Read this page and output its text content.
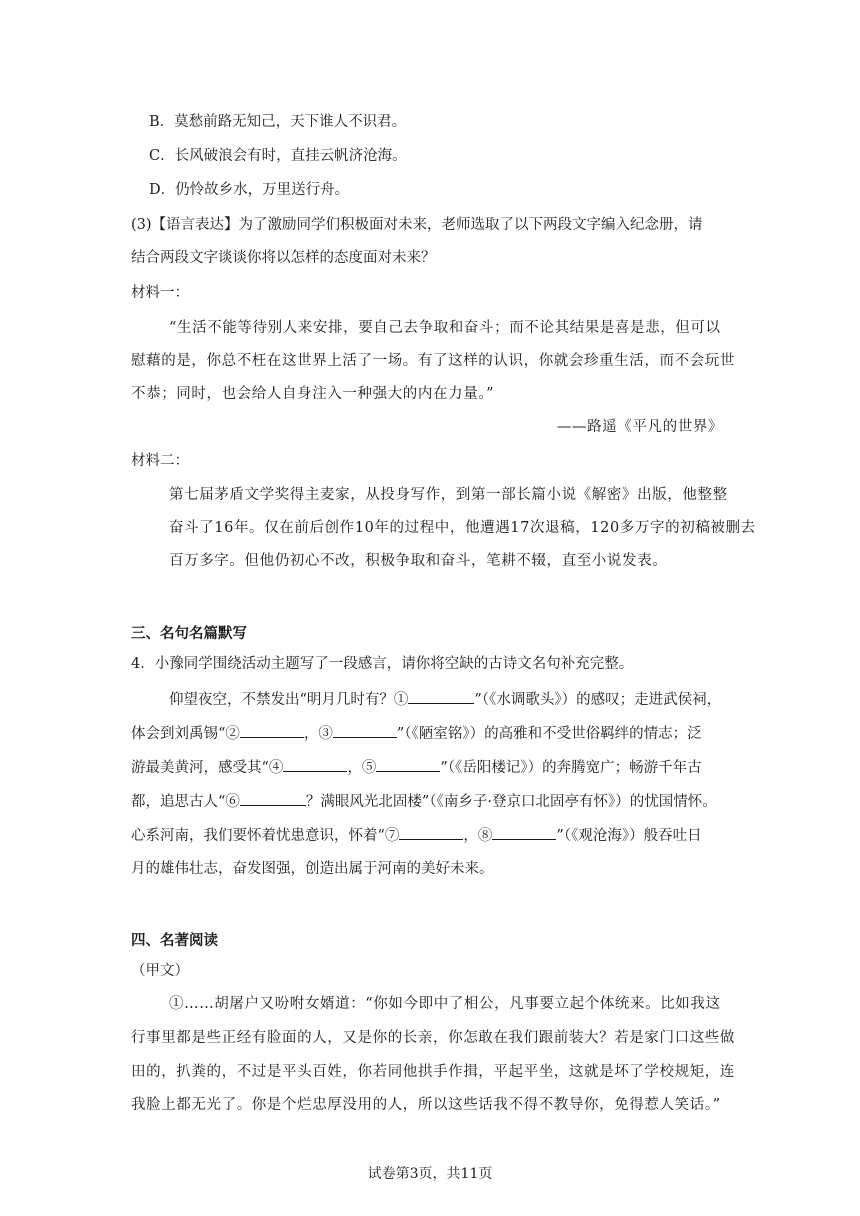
B．莫愁前路无知己，天下谁人不识君。
C．长风破浪会有时，直挂云帆济沧海。
D．仍怜故乡水，万里送行舟。
(3)【语言表达】为了激励同学们积极面对未来，老师选取了以下两段文字编入纪念册，请
结合两段文字谈谈你将以怎样的态度面对未来？
材料一：
“生活不能等待别人来安排，要自己去争取和奋斗；而不论其结果是喜是悲，但可以
慰藉的是，你总不枉在这世界上活了一场。有了这样的认识，你就会珍重生活，而不会玩世
不恭；同时，也会给人自身注入一种强大的内在力量。”
——路遥《平凡的世界》
材料二：
第七届茅盾文学奖得主麦家，从投身写作，到第一部长篇小说《解密》出版，他整整
奋斗了16年。仅在前后创作10年的过程中，他遭遇17次退稿，120多万字的初稿被删去
百万多字。但他仍初心不改，积极争取和奋斗，笔耕不辍，直至小说发表。
三、名句名篇默写
4．小豫同学围绕活动主题写了一段感言，请你将空缺的古诗文名句补充完整。
仰望夜空，不禁发出“明月几时有？①	”（《水调歌头》）的感叹；走进武侯祠，
体会到刘禹锡“②	，③	”（《陋室铭》）的高雅和不受世俗羁绊的情志；泛
游最美黄河，感受其“④	，⑤	”（《岳阳楼记》）的奔腾宽广；畅游千年古
都，追思古人“⑥	？满眼风光北固楼”（《南乡子·登京口北固亭有怀》）的忧国情怀。
心系河南，我们要怀着忧患意识，怀着“⑦	，⑧	”（《观沧海》）般吞吐日
月的雄伟壮志，奋发图强，创造出属于河南的美好未来。
四、名著阅读
（甲文）
①……胡屠户又吩咐女婿道：“你如今即中了相公，凡事要立起个体统来。比如我这
行事里都是些正经有脸面的人，又是你的长亲，你怎敢在我们跟前装大？若是家门口这些做
田的，扒粪的，不过是平头百姓，你若同他拱手作揖，平起平坐，这就是坏了学校规矩，连
我脸上都无光了。你是个烂忠厚没用的人，所以这些话我不得不教导你，免得惹人笑话。”
试卷第3页，共11页
